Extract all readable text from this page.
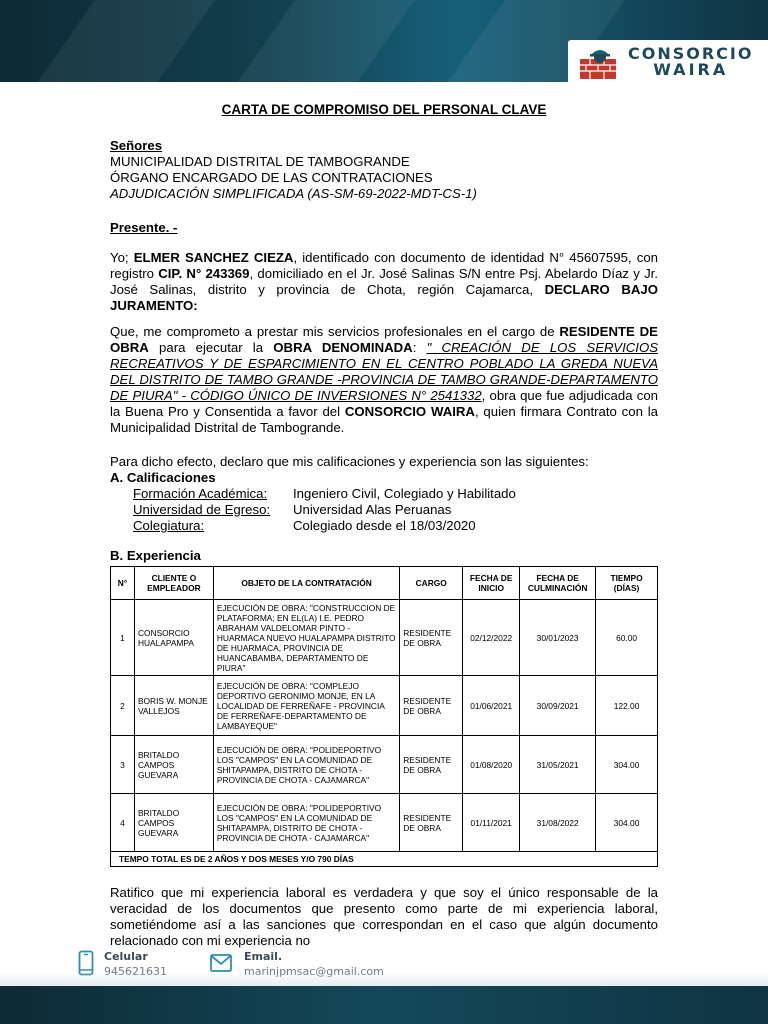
CONSORCIO
WAIRA
CARTA DE COMPROMISO DEL PERSONAL CLAVE
Señores
MUNICIPALIDAD DISTRITAL DE TAMBOGRANDE
ÓRGANO ENCARGADO DE LAS CONTRATACIONES
ADJUDICACIÓN SIMPLIFICADA (AS-SM-69-2022-MDT-CS-1)
Presente. -
Yo; ELMER SANCHEZ CIEZA, identificado con documento de identidad N° 45607595, con registro CIP. N° 243369, domiciliado en el Jr. José Salinas S/N entre Psj. Abelardo Díaz y Jr. José Salinas, distrito y provincia de Chota, región Cajamarca, DECLARO BAJO JURAMENTO:
Que, me comprometo a prestar mis servicios profesionales en el cargo de RESIDENTE DE OBRA para ejecutar la OBRA DENOMINADA: " CREACIÓN DE LOS SERVICIOS RECREATIVOS Y DE ESPARCIMIENTO EN EL CENTRO POBLADO LA GREDA NUEVA DEL DISTRITO DE TAMBO GRANDE -PROVINCIA DE TAMBO GRANDE-DEPARTAMENTO DE PIURA" - CÓDIGO ÚNICO DE INVERSIONES N° 2541332, obra que fue adjudicada con la Buena Pro y Consentida a favor del CONSORCIO WAIRA, quien firmara Contrato con la Municipalidad Distrital de Tambogrande.
Para dicho efecto, declaro que mis calificaciones y experiencia son las siguientes:
A. Calificaciones
Formación Académica:	Ingeniero Civil, Colegiado y Habilitado
Universidad de Egreso:	Universidad Alas Peruanas
Colegiatura:	Colegiado desde el 18/03/2020
B. Experiencia
N°	CLIENTE O EMPLEADOR	OBJETO DE LA CONTRATACIÓN	CARGO	FECHA DE INICIO	FECHA DE CULMINACIÓN	TIEMPO (DÍAS)
1	CONSORCIO HUALAPAMPA	EJECUCIÓN DE OBRA: "CONSTRUCCION DE PLATAFORMA; EN EL(LA) I.E. PEDRO ABRAHAM VALDELOMAR PINTO - HUARMACA NUEVO HUALAPAMPA DISTRITO DE HUARMACA, PROVINCIA DE HUANCABAMBA, DEPARTAMENTO DE PIURA"	RESIDENTE DE OBRA	02/12/2022	30/01/2023	60.00
2	BORIS W. MONJE VALLEJOS	EJECUCIÓN DE OBRA: "COMPLEJO DEPORTIVO GERONIMO MONJE, EN LA LOCALIDAD DE FERREÑAFE - PROVINCIA DE FERREÑAFE-DEPARTAMENTO DE LAMBAYEQUE"	RESIDENTE DE OBRA	01/06/2021	30/09/2021	122.00
3	BRITALDO CAMPOS GUEVARA	EJECUCIÓN DE OBRA: "POLIDEPORTIVO LOS "CAMPOS" EN LA COMUNIDAD DE SHITAPAMPA, DISTRITO DE CHOTA - PROVINCIA DE CHOTA - CAJAMARCA"	RESIDENTE DE OBRA	01/08/2020	31/05/2021	304.00
4	BRITALDO CAMPOS GUEVARA	EJECUCIÓN DE OBRA: "POLIDEPORTIVO LOS "CAMPOS" EN LA COMUNIDAD DE SHITAPAMPA, DISTRITO DE CHOTA - PROVINCIA DE CHOTA - CAJAMARCA"	RESIDENTE DE OBRA	01/11/2021	31/08/2022	304.00
TEMPO TOTAL ES DE 2 AÑOS Y DOS MESES Y/O 790 DÍAS						
Ratifico que mi experiencia laboral es verdadera y que soy el único responsable de la veracidad de los documentos que presento como parte de mi experiencia laboral, sometiéndome así a las sanciones que correspondan en el caso que algún documento relacionado con mi experiencia no
Celular	Email.
